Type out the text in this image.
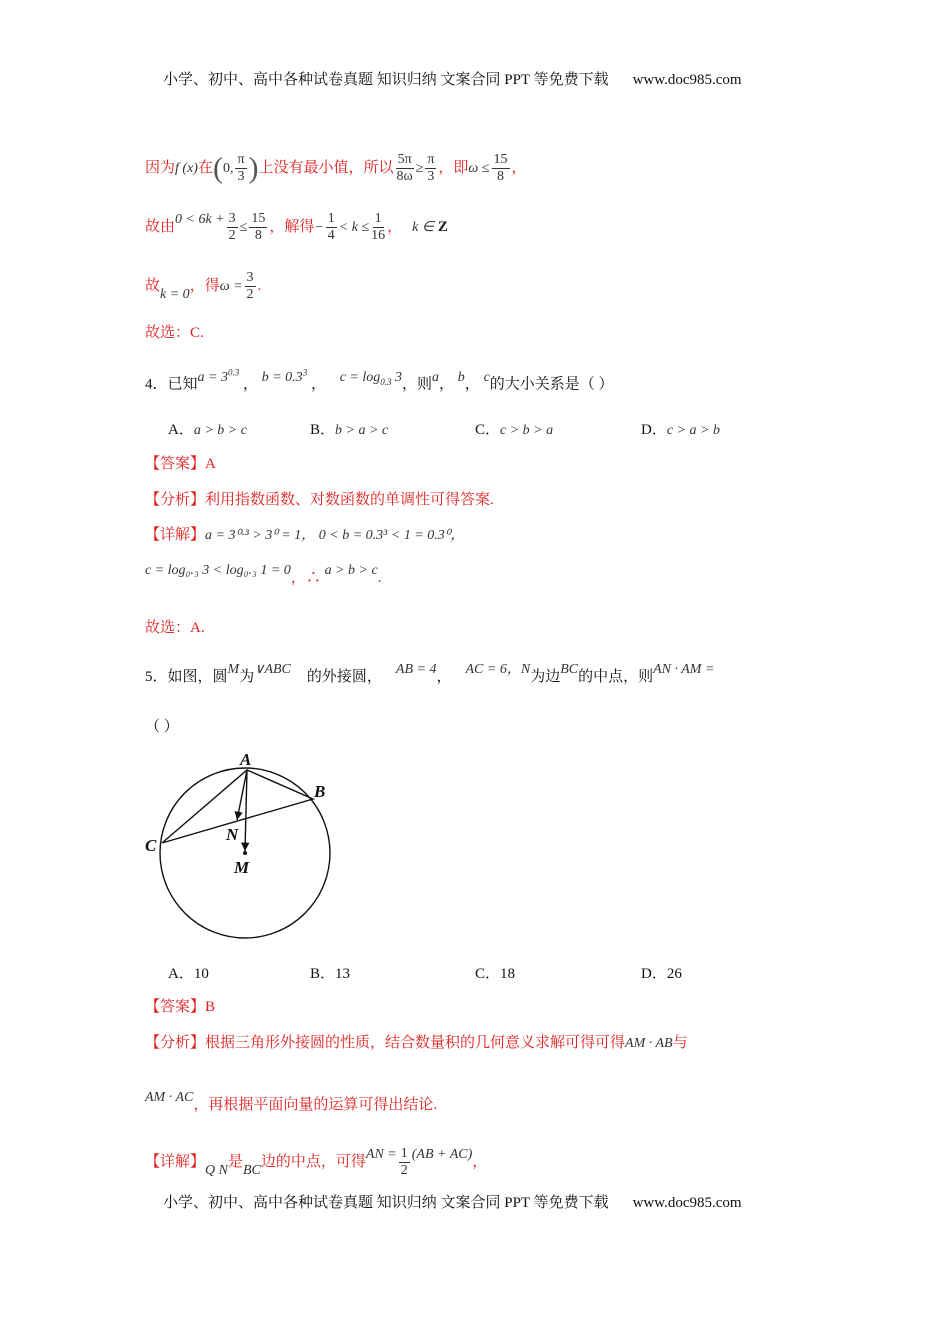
小学、初中、高中各种试卷真题 知识归纳 文案合同 PPT 等免费下载 www.doc985.com
因为f (x)在(0, $\frac{\pi}{3}$ )上没有最小值，所以 $\frac{5\pi}{8\omega} \ge \frac{\pi}{3}$ ，即$\omega \le \frac{15}{8}$ ，
故由$0 < 6k + \frac{3}{2} \le \frac{15}{8}$ ，解得− $\frac{1}{4} < k \le \frac{1}{16}$ ， k ∈ Z
故k = 0，得$\omega = \frac{3}{2}$ .
故选：C.
4．已知$a = 3^{0.3}$ ， $b = 0.3^3$ ， $c = \log_{0.3} 3$，则a， b， c的大小关系是（ ）
A．a > b > c	B．b > a > c	C．c > b > a	D．c > a > b
【答案】A
【分析】利用指数函数、对数函数的单调性可得答案.
【详解】a = 3⁰·³ > 3⁰ = 1， 0 < b = 0.3³ < 1 = 0.3⁰，
c = log₀.₃ 3 < log₀.₃ 1 = 0，∴ a > b > c.
故选：A.
5．如图，圆M为∨ABC 的外接圆， AB = 4， AC = 6，N为边BC的中点，则AN · AM =
（ ）
A
B
C
N
M
A．10	B．13	C．18	D．26
【答案】B
【分析】根据三角形外接圆的性质，结合数量积的几何意义求解可得可得AM · AB与
AM · AC，再根据平面向量的运算可得出结论.
【详解】Q N是BC边的中点，可得AN = $\frac{1}{2} (AB + AC)$，
小学、初中、高中各种试卷真题 知识归纳 文案合同 PPT 等免费下载 www.doc985.com
